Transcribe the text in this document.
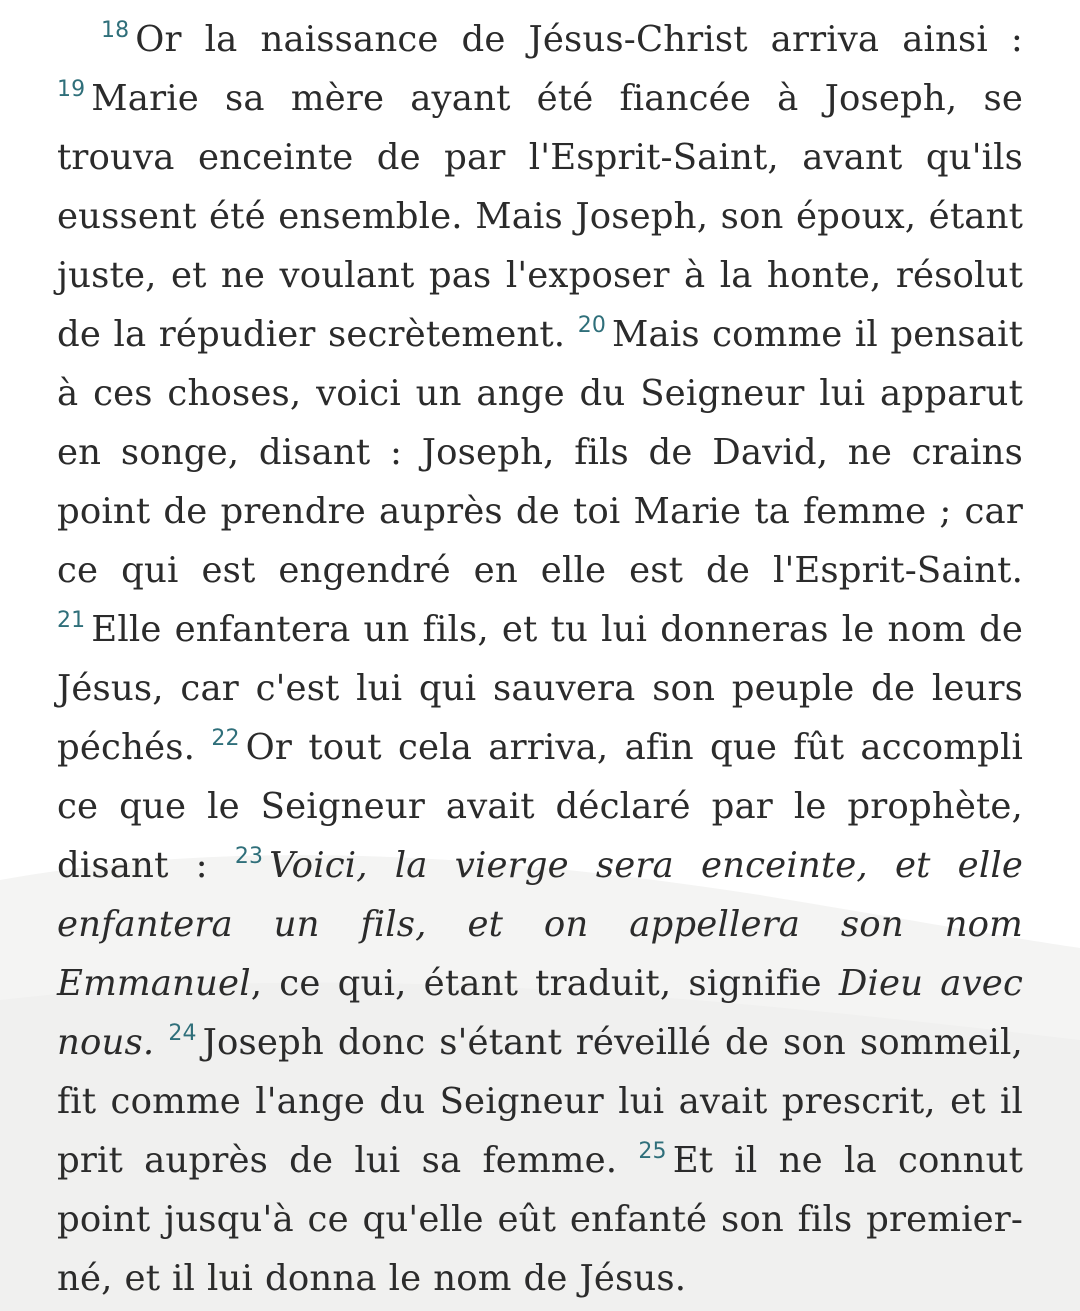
$^{18}$ Or la naissance de Jésus-Christ arriva ainsi : $^{19}$ Marie sa mère ayant été fiancée à Joseph, se trouva enceinte de par l'Esprit-Saint, avant qu'ils eussent été ensemble. Mais Joseph, son époux, étant juste, et ne voulant pas l'exposer à la honte, résolut de la répudier secrètement. $^{20}$ Mais comme il pensait à ces choses, voici un ange du Seigneur lui apparut en songe, disant : Joseph, fils de David, ne crains point de prendre auprès de toi Marie ta femme ; car ce qui est engendré en elle est de l'Esprit-Saint. $^{21}$ Elle enfantera un fils, et tu lui donneras le nom de Jésus, car c'est lui qui sauvera son peuple de leurs péchés. $^{22}$ Or tout cela arriva, afin que fût accompli ce que le Seigneur avait déclaré par le prophète, disant : $^{23}$ Voici, la vierge sera enceinte, et elle enfantera un fils, et on appellera son nom Emmanuel, ce qui, étant traduit, signifie Dieu avec nous. $^{24}$ Joseph donc s'étant réveillé de son sommeil, fit comme l'ange du Seigneur lui avait prescrit, et il prit auprès de lui sa femme. $^{25}$ Et il ne la connut point jusqu'à ce qu'elle eût enfanté son fils premier-né, et il lui donna le nom de Jésus.
